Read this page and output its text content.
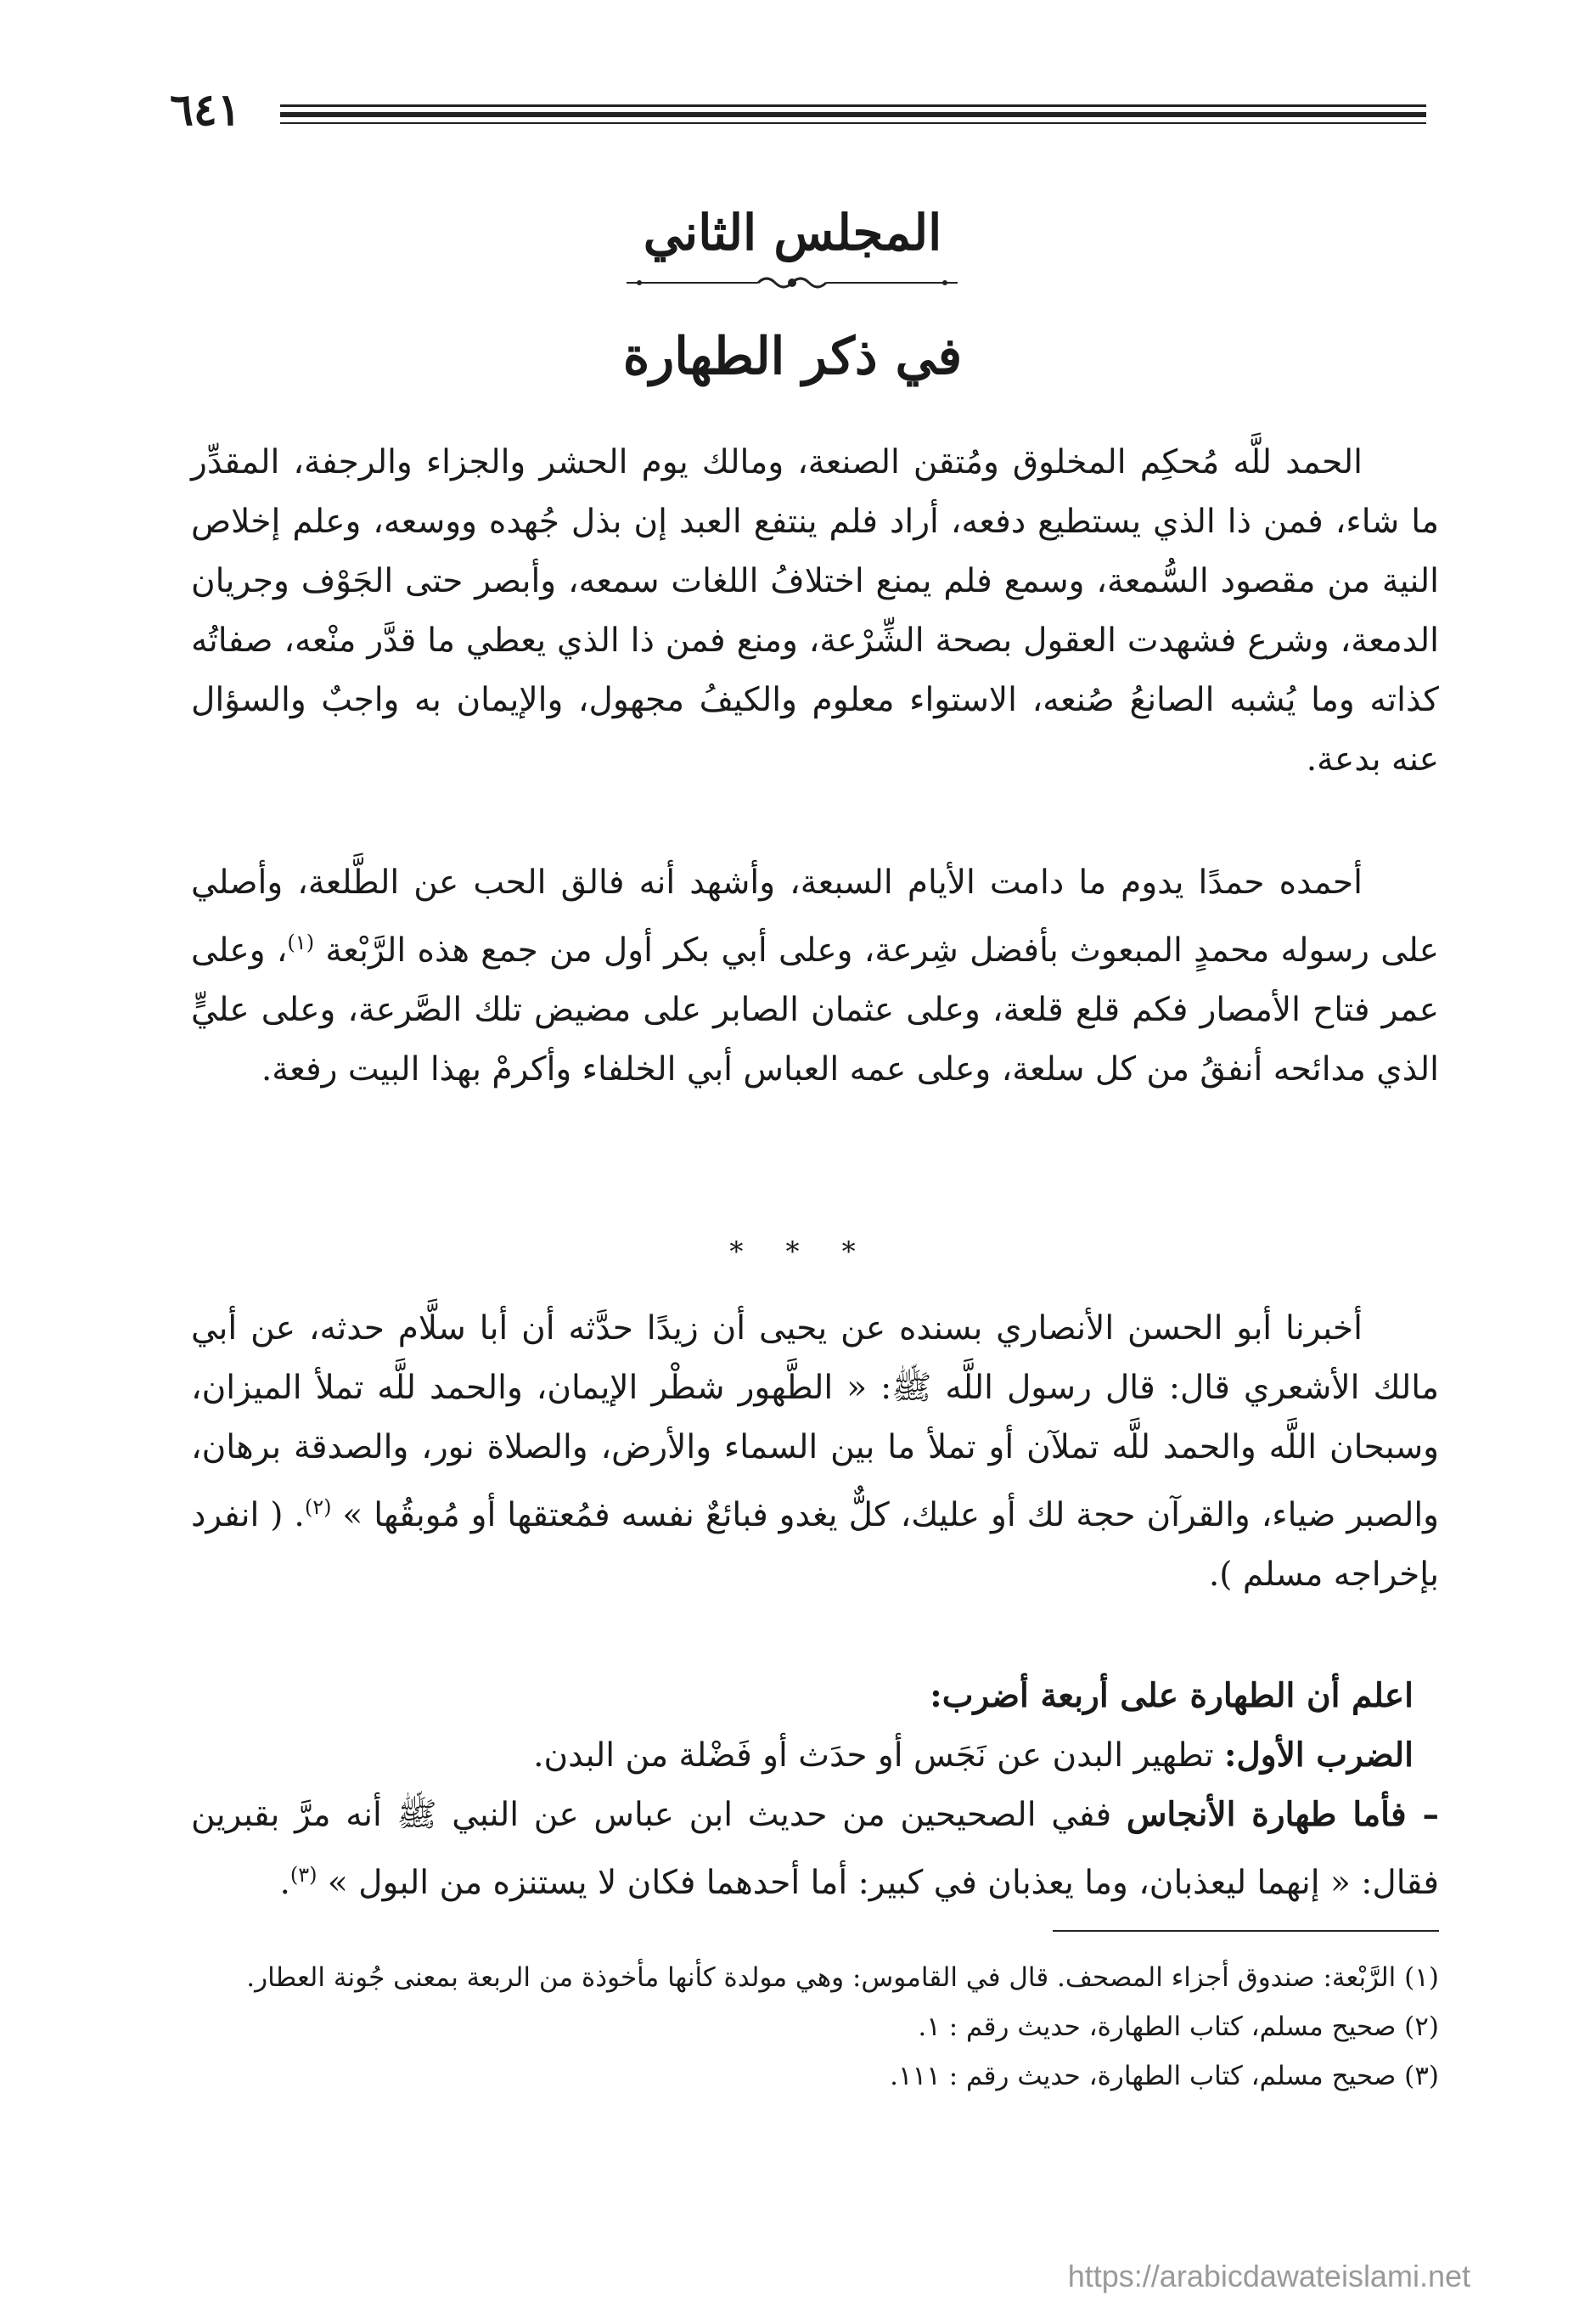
٦٤١
المجلس الثاني
في ذكر الطهارة

الحمد للَّه مُحكِم المخلوق ومُتقن الصنعة، ومالك يوم الحشر والجزاء والرجفة، المقدِّر ما شاء، فمن ذا الذي يستطيع دفعه، أراد فلم ينتفع العبد إن بذل جُهده ووسعه، وعلم إخلاص النية من مقصود السُّمعة، وسمع فلم يمنع اختلافُ اللغات سمعه، وأبصر حتى الجَوْف وجريان الدمعة، وشرع فشهدت العقول بصحة الشِّرْعة، ومنع فمن ذا الذي يعطي ما قدَّر منْعه، صفاتُه كذاته وما يُشبه الصانعُ صُنعه، الاستواء معلوم والكيفُ مجهول، والإيمان به واجبٌ والسؤال عنه بدعة.

أحمده حمدًا يدوم ما دامت الأيام السبعة، وأشهد أنه فالق الحب عن الطَّلعة، وأصلي على رسوله محمدٍ المبعوث بأفضل شِرعة، وعلى أبي بكر أول من جمع هذه الرَّبْعة $^{(١)}$، وعلى عمر فتاح الأمصار فكم قلع قلعة، وعلى عثمان الصابر على مضيض تلك الصَّرعة، وعلى عليٍّ الذي مدائحه أنفقُ من كل سلعة، وعلى عمه العباس أبي الخلفاء وأكرمْ بهذا البيت رفعة.

* * *

أخبرنا أبو الحسن الأنصاري بسنده عن يحيى أن زيدًا حدَّثه أن أبا سلَّام حدثه، عن أبي مالك الأشعري قال: قال رسول اللَّه ﷺ: « الطَّهور شطْر الإيمان، والحمد للَّه تملأ الميزان، وسبحان اللَّه والحمد للَّه تملآن أو تملأ ما بين السماء والأرض، والصلاة نور، والصدقة برهان، والصبر ضياء، والقرآن حجة لك أو عليك، كلٌّ يغدو فبائعٌ نفسه فمُعتقها أو مُوبقُها » $^{(٢)}$. ( انفرد بإخراجه مسلم ).

اعلم أن الطهارة على أربعة أضرب:
الضرب الأول: تطهير البدن عن نَجَس أو حدَث أو فَضْلة من البدن.
– فأما طهارة الأنجاس ففي الصحيحين من حديث ابن عباس عن النبي ﷺ أنه مرَّ بقبرين فقال: « إنهما ليعذبان، وما يعذبان في كبير: أما أحدهما فكان لا يستنزه من البول » $^{(٣)}$.
(١) الرَّبْعة: صندوق أجزاء المصحف. قال في القاموس: وهي مولدة كأنها مأخوذة من الربعة بمعنى جُونة العطار.
(٢) صحيح مسلم، كتاب الطهارة، حديث رقم : ١.
(٣) صحيح مسلم، كتاب الطهارة، حديث رقم : ١١١.
https://arabicdawateislami.net
